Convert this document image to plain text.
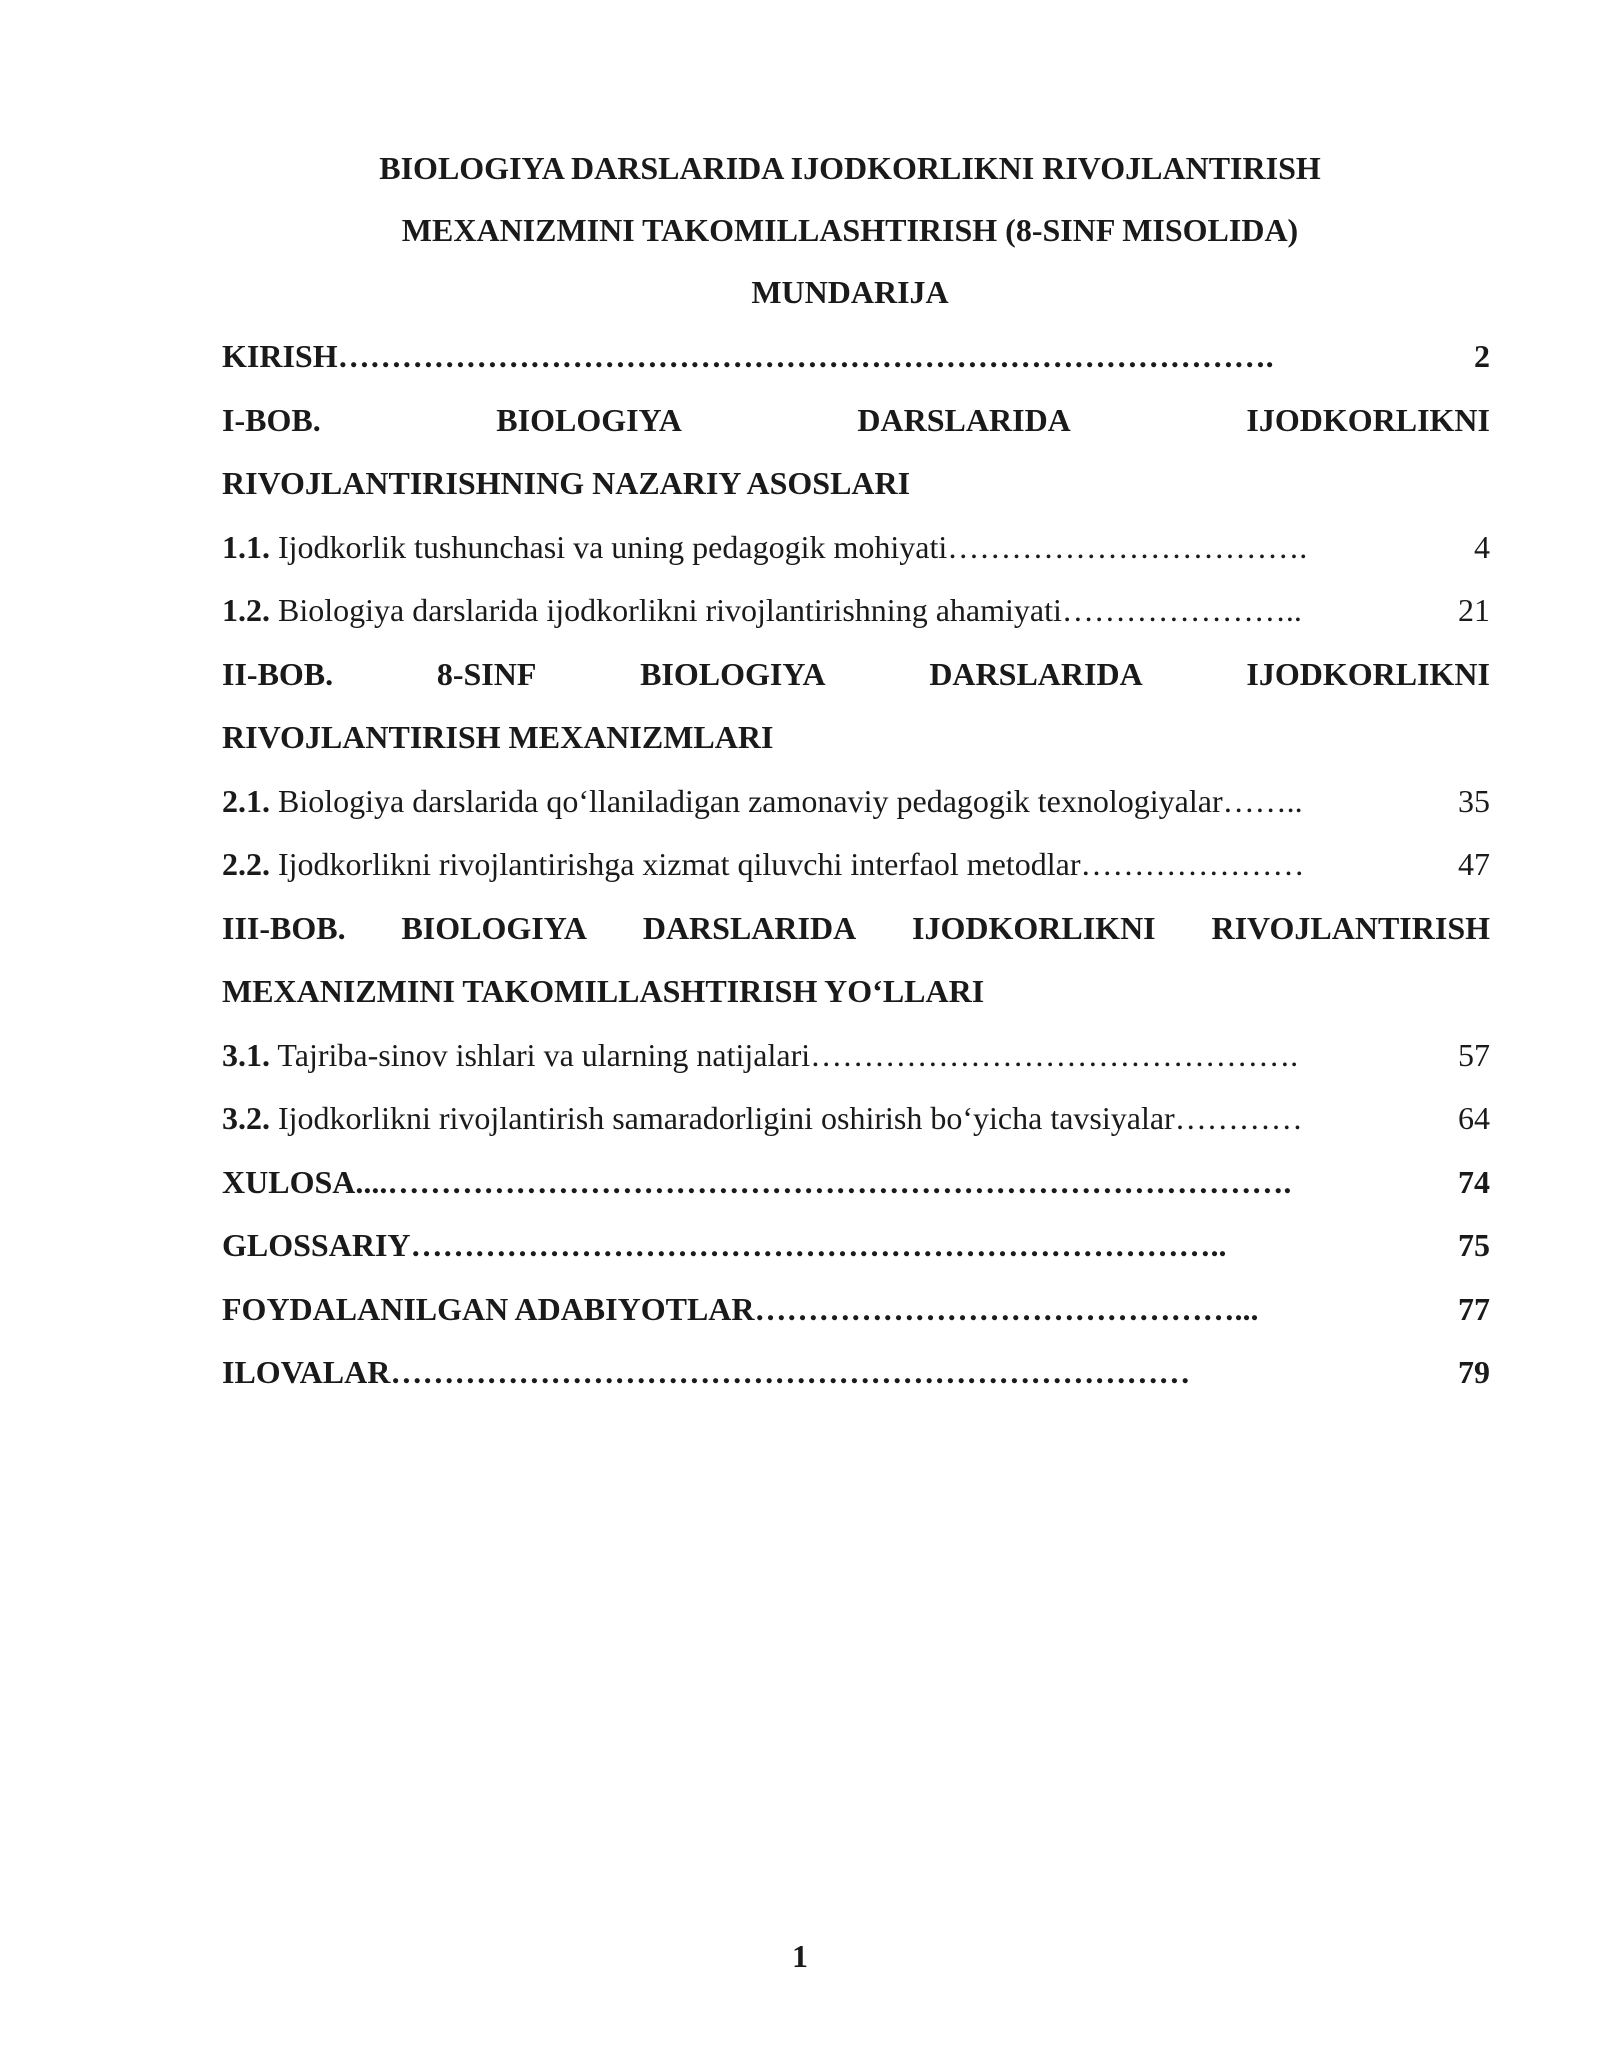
BIOLOGIYA DARSLARIDA IJODKORLIKNI RIVOJLANTIRISH
MEXANIZMINI TAKOMILLASHTIRISH (8-SINF MISOLIDA)
MUNDARIJA
KIRISH …………………………………………………………………………….	2
I-BOB.	BIOLOGIYA	DARSLARIDA	IJODKORLIKNI
RIVOJLANTIRISHNING NAZARIY ASOSLARI
1.1. Ijodkorlik tushunchasi va uning pedagogik mohiyati …………………………….	4
1.2. Biologiya darslarida ijodkorlikni rivojlantirishning ahamiyati …………………..	21
II-BOB.	8-SINF	BIOLOGIYA	DARSLARIDA	IJODKORLIKNI
RIVOJLANTIRISH MEXANIZMLARI
2.1. Biologiya darslarida qo‘llaniladigan zamonaviy pedagogik texnologiyalar ……..	35
2.2. Ijodkorlikni rivojlantirishga xizmat qiluvchi interfaol metodlar …………………	47
III-BOB. BIOLOGIYA DARSLARIDA IJODKORLIKNI RIVOJLANTIRISH
MEXANIZMINI TAKOMILLASHTIRISH YO‘LLARI
3.1. Tajriba-sinov ishlari va ularning natijalari ……………………………………….	57
3.2. Ijodkorlikni rivojlantirish samaradorligini oshirish bo‘yicha tavsiyalar …………	64
XULOSA.... ………………………………………………………………………….	74
GLOSSARIY …………………………………………………………………..	75
FOYDALANILGAN ADABIYOTLAR ………………………………………...	77
ILOVALAR …………………………………………………………………	79
1
